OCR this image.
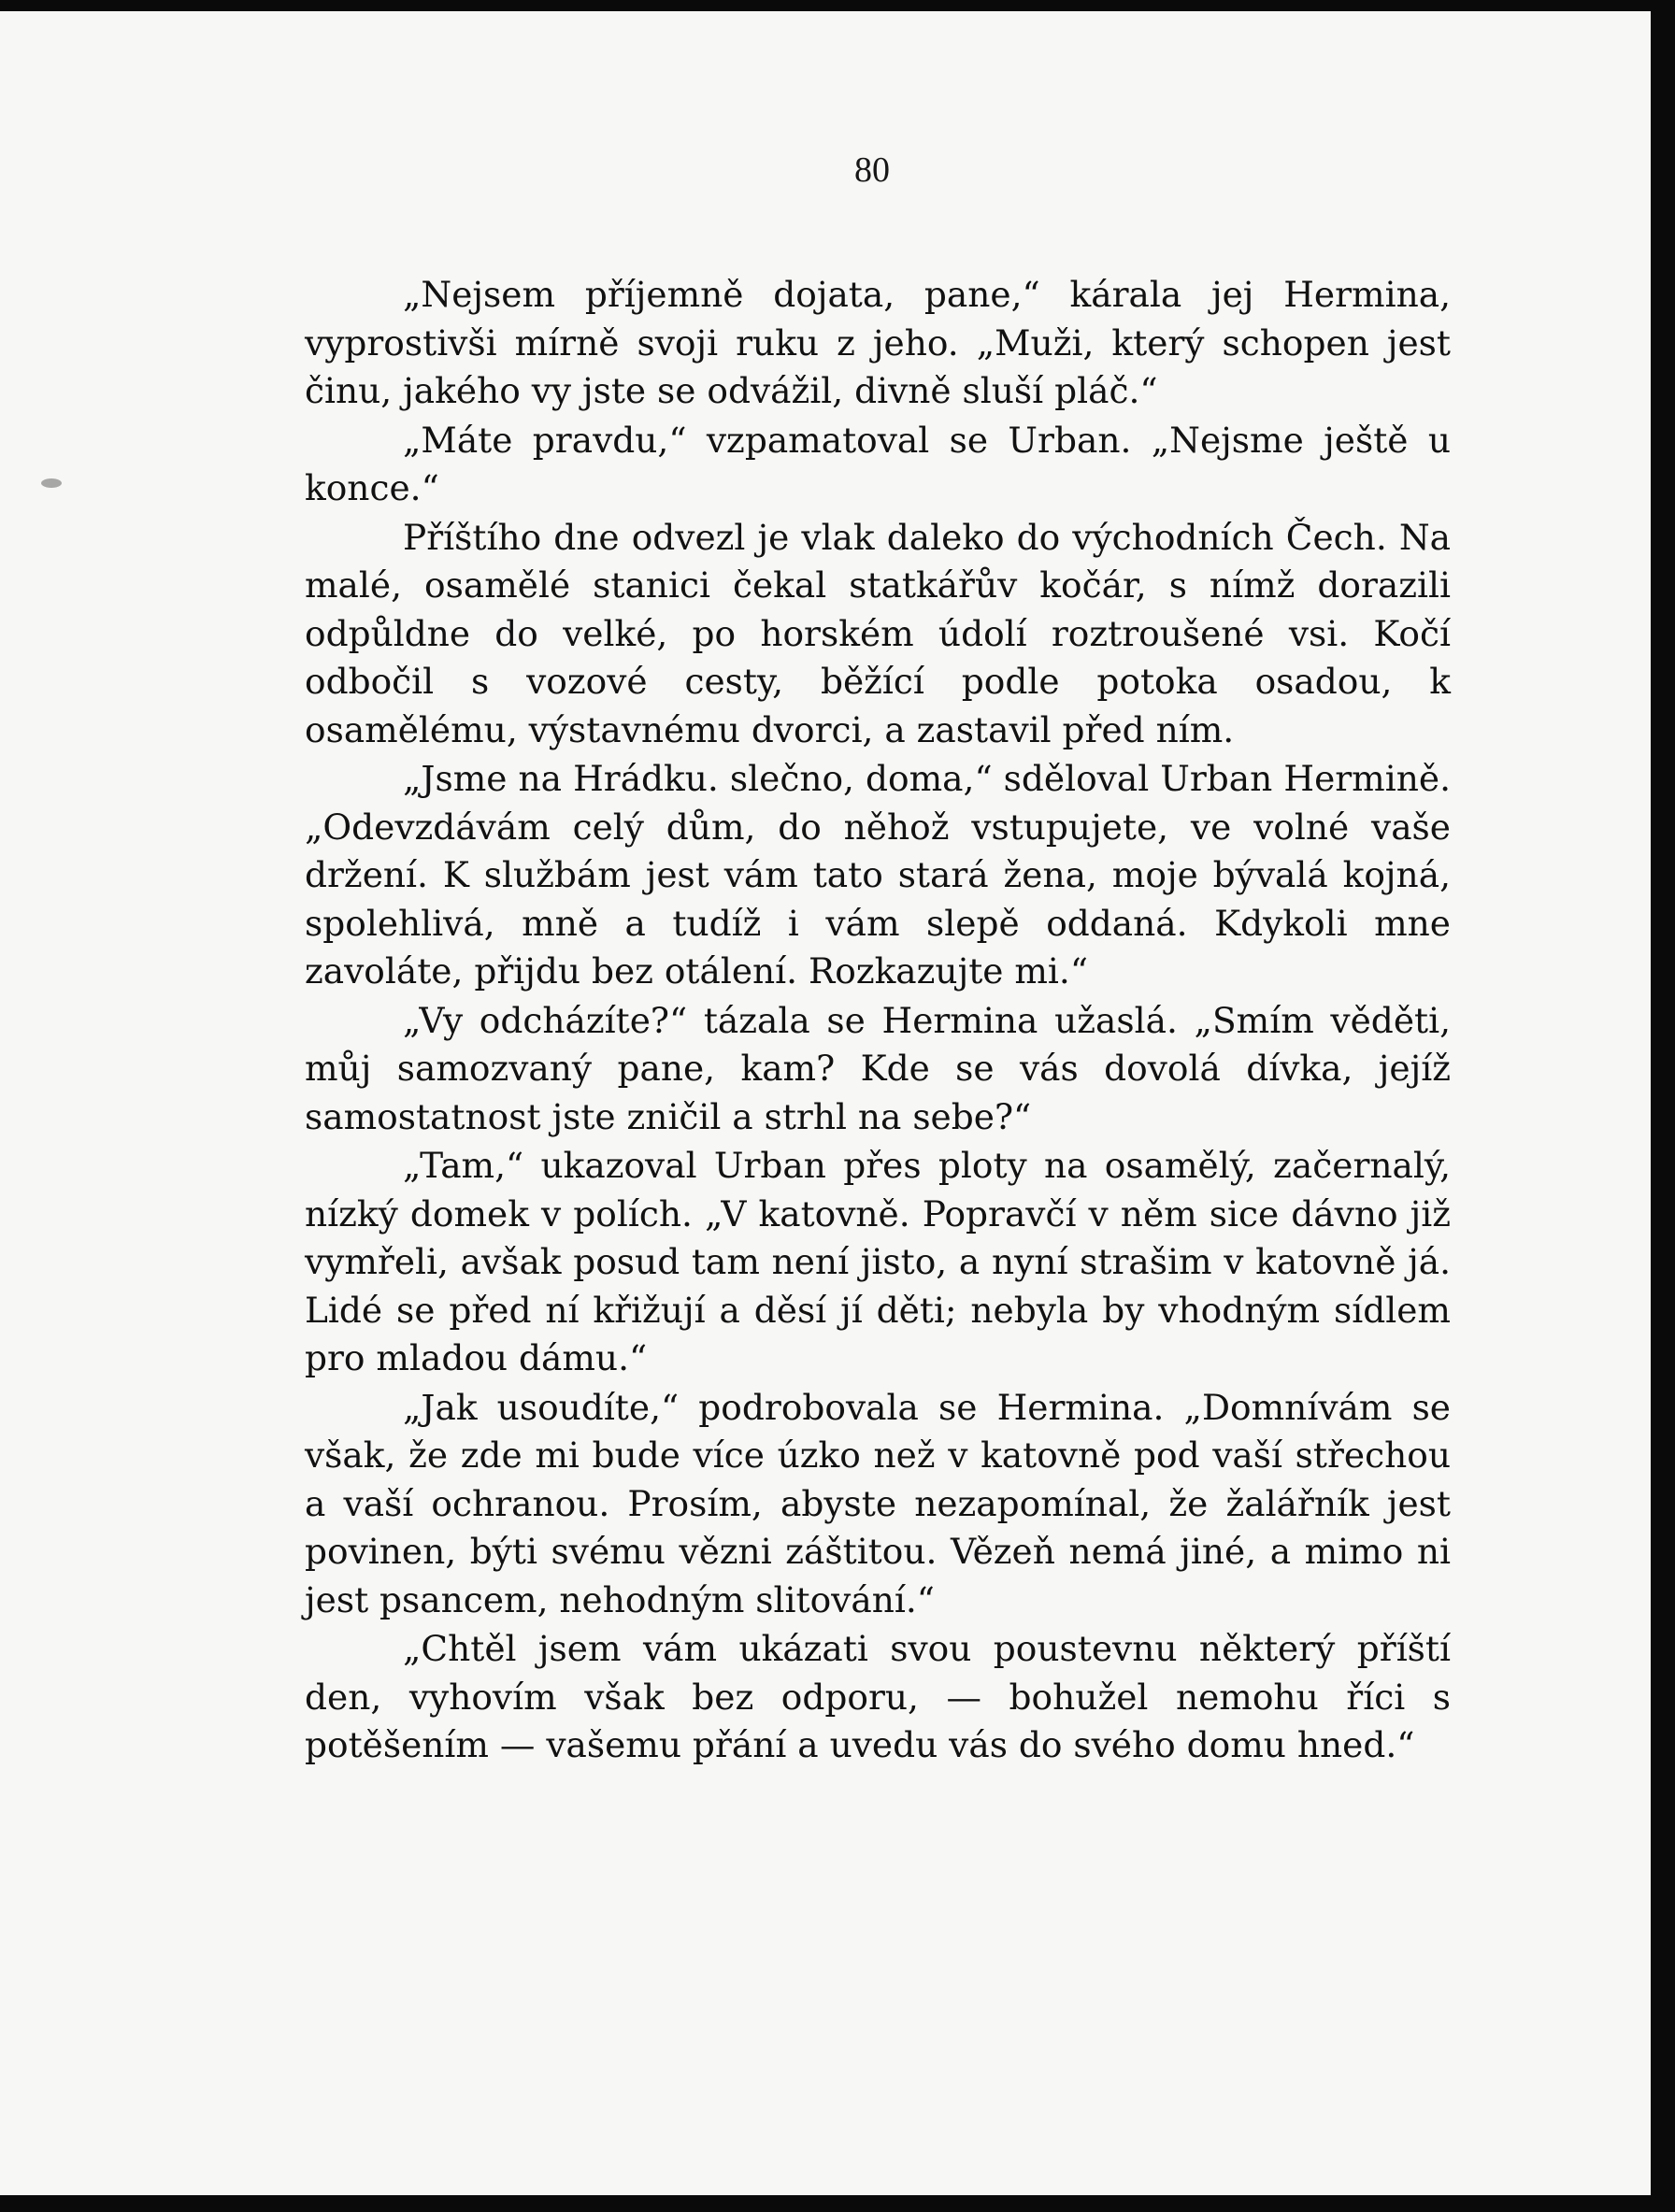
80

„Nejsem příjemně dojata, pane,“ kárala jej Hermina, vyprostivši mírně svoji ruku z jeho. „Muži, který schopen jest činu, jakého vy jste se odvážil, divně sluší pláč.“

„Máte pravdu,“ vzpamatoval se Urban. „Nejsme ještě u konce.“

Příštího dne odvezl je vlak daleko do východních Čech. Na malé, osamělé stanici čekal statkářův kočár, s nímž dorazili odpůldne do velké, po horském údolí roztroušené vsi. Kočí odbočil s vozové cesty, běžící podle potoka osadou, k osamělému, výstavnému dvorci, a zastavil před ním.

„Jsme na Hrádku. slečno, doma,“ sděloval Urban Hermině. „Odevzdávám celý dům, do něhož vstupujete, ve volné vaše držení. K službám jest vám tato stará žena, moje bývalá kojná, spolehlivá, mně a tudíž i vám slepě oddaná. Kdykoli mne zavoláte, přijdu bez otálení. Rozkazujte mi.“

„Vy odcházíte?“ tázala se Hermina užaslá. „Smím věděti, můj samozvaný pane, kam? Kde se vás dovolá dívka, jejíž samostatnost jste zničil a strhl na sebe?“

„Tam,“ ukazoval Urban přes ploty na osamělý, začernalý, nízký domek v polích. „V katovně. Popravčí v něm sice dávno již vymřeli, avšak posud tam není jisto, a nyní strašim v katovně já. Lidé se před ní křižují a děsí jí děti; nebyla by vhodným sídlem pro mladou dámu.“

„Jak usoudíte,“ podrobovala se Hermina. „Domnívám se však, že zde mi bude více úzko než v katovně pod vaší střechou a vaší ochranou. Prosím, abyste nezapomínal, že žalářník jest povinen, býti svému vězni záštitou. Vězeň nemá jiné, a mimo ni jest psancem, nehodným slitování.“

„Chtěl jsem vám ukázati svou poustevnu některý příští den, vyhovím však bez odporu, — bohužel nemohu říci s potěšením — vašemu přání a uvedu vás do svého domu hned.“
